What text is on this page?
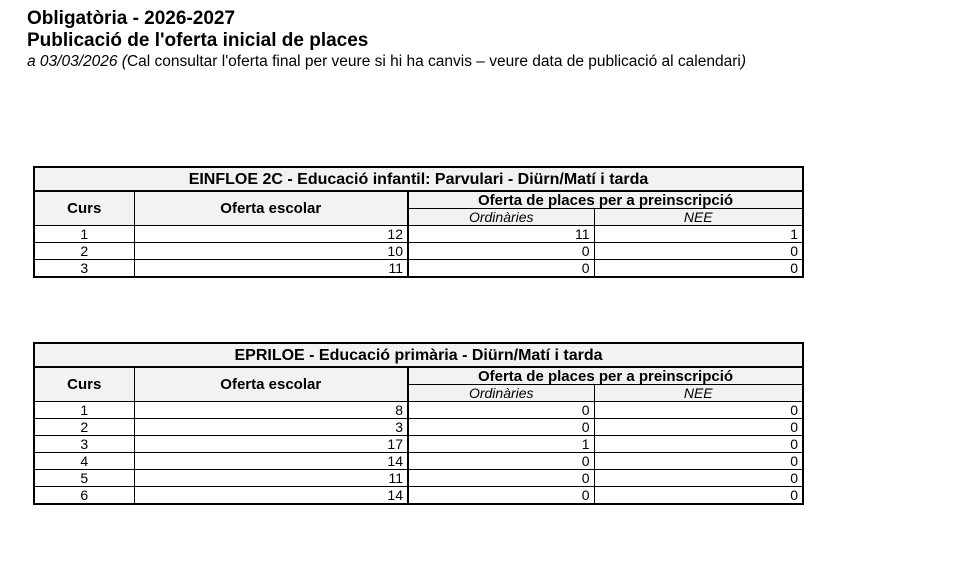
Obligatòria - 2026-2027
Publicació de l'oferta inicial de places
a 03/03/2026 (Cal consultar l'oferta final per veure si hi ha canvis – veure data de publicació al calendari)
EINFLOE 2C - Educació infantil: Parvulari - Diürn/Matí i tarda			
Curs	Oferta escolar	Oferta de places per a preinscripció	
		Ordinàries	NEE
1	12	11	1
2	10	0	0
3	11	0	0
EPRILOE - Educació primària - Diürn/Matí i tarda			
Curs	Oferta escolar	Oferta de places per a preinscripció	
		Ordinàries	NEE
1	8	0	0
2	3	0	0
3	17	1	0
4	14	0	0
5	11	0	0
6	14	0	0
